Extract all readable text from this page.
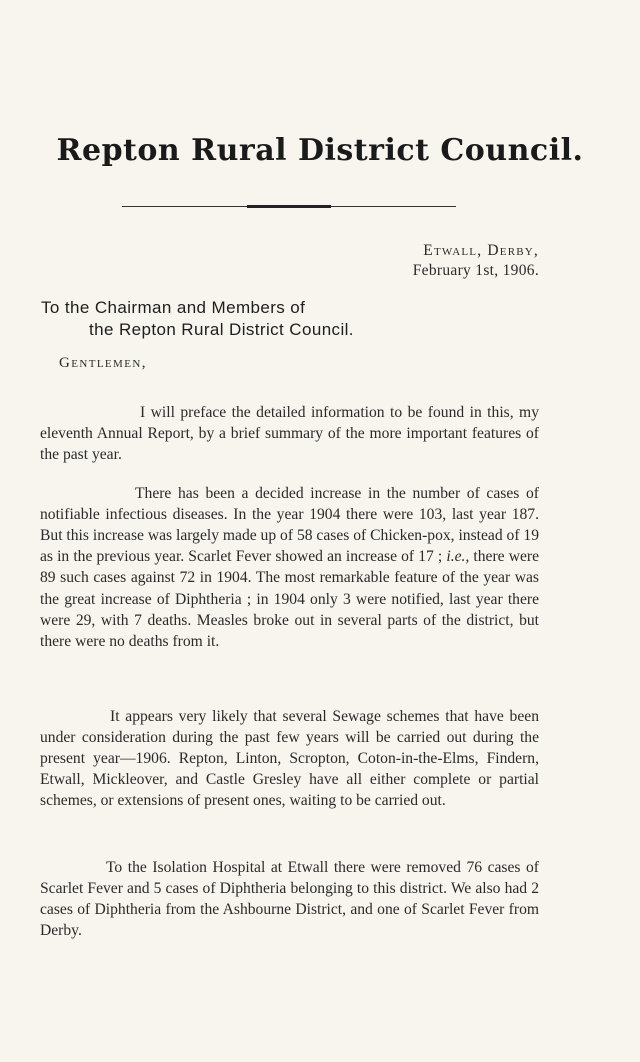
Repton Rural District Council.
Etwall, Derby,
February 1st, 1906.
To the Chairman and Members of
the Repton Rural District Council.
Gentlemen,

I will preface the detailed information to be found in this, my eleventh Annual Report, by a brief summary of the more important features of the past year.

There has been a decided increase in the number of cases of notifiable infectious diseases. In the year 1904 there were 103, last year 187. But this increase was largely made up of 58 cases of Chicken-pox, instead of 19 as in the previous year. Scarlet Fever showed an increase of 17 ; i.e., there were 89 such cases against 72 in 1904. The most remarkable feature of the year was the great increase of Diphtheria ; in 1904 only 3 were notified, last year there were 29, with 7 deaths. Measles broke out in several parts of the district, but there were no deaths from it.

It appears very likely that several Sewage schemes that have been under consideration during the past few years will be carried out during the present year—1906. Repton, Linton, Scropton, Coton-in-the-Elms, Findern, Etwall, Mickleover, and Castle Gresley have all either complete or partial schemes, or extensions of present ones, waiting to be carried out.

To the Isolation Hospital at Etwall there were removed 76 cases of Scarlet Fever and 5 cases of Diphtheria belonging to this district. We also had 2 cases of Diphtheria from the Ashbourne District, and one of Scarlet Fever from Derby.
